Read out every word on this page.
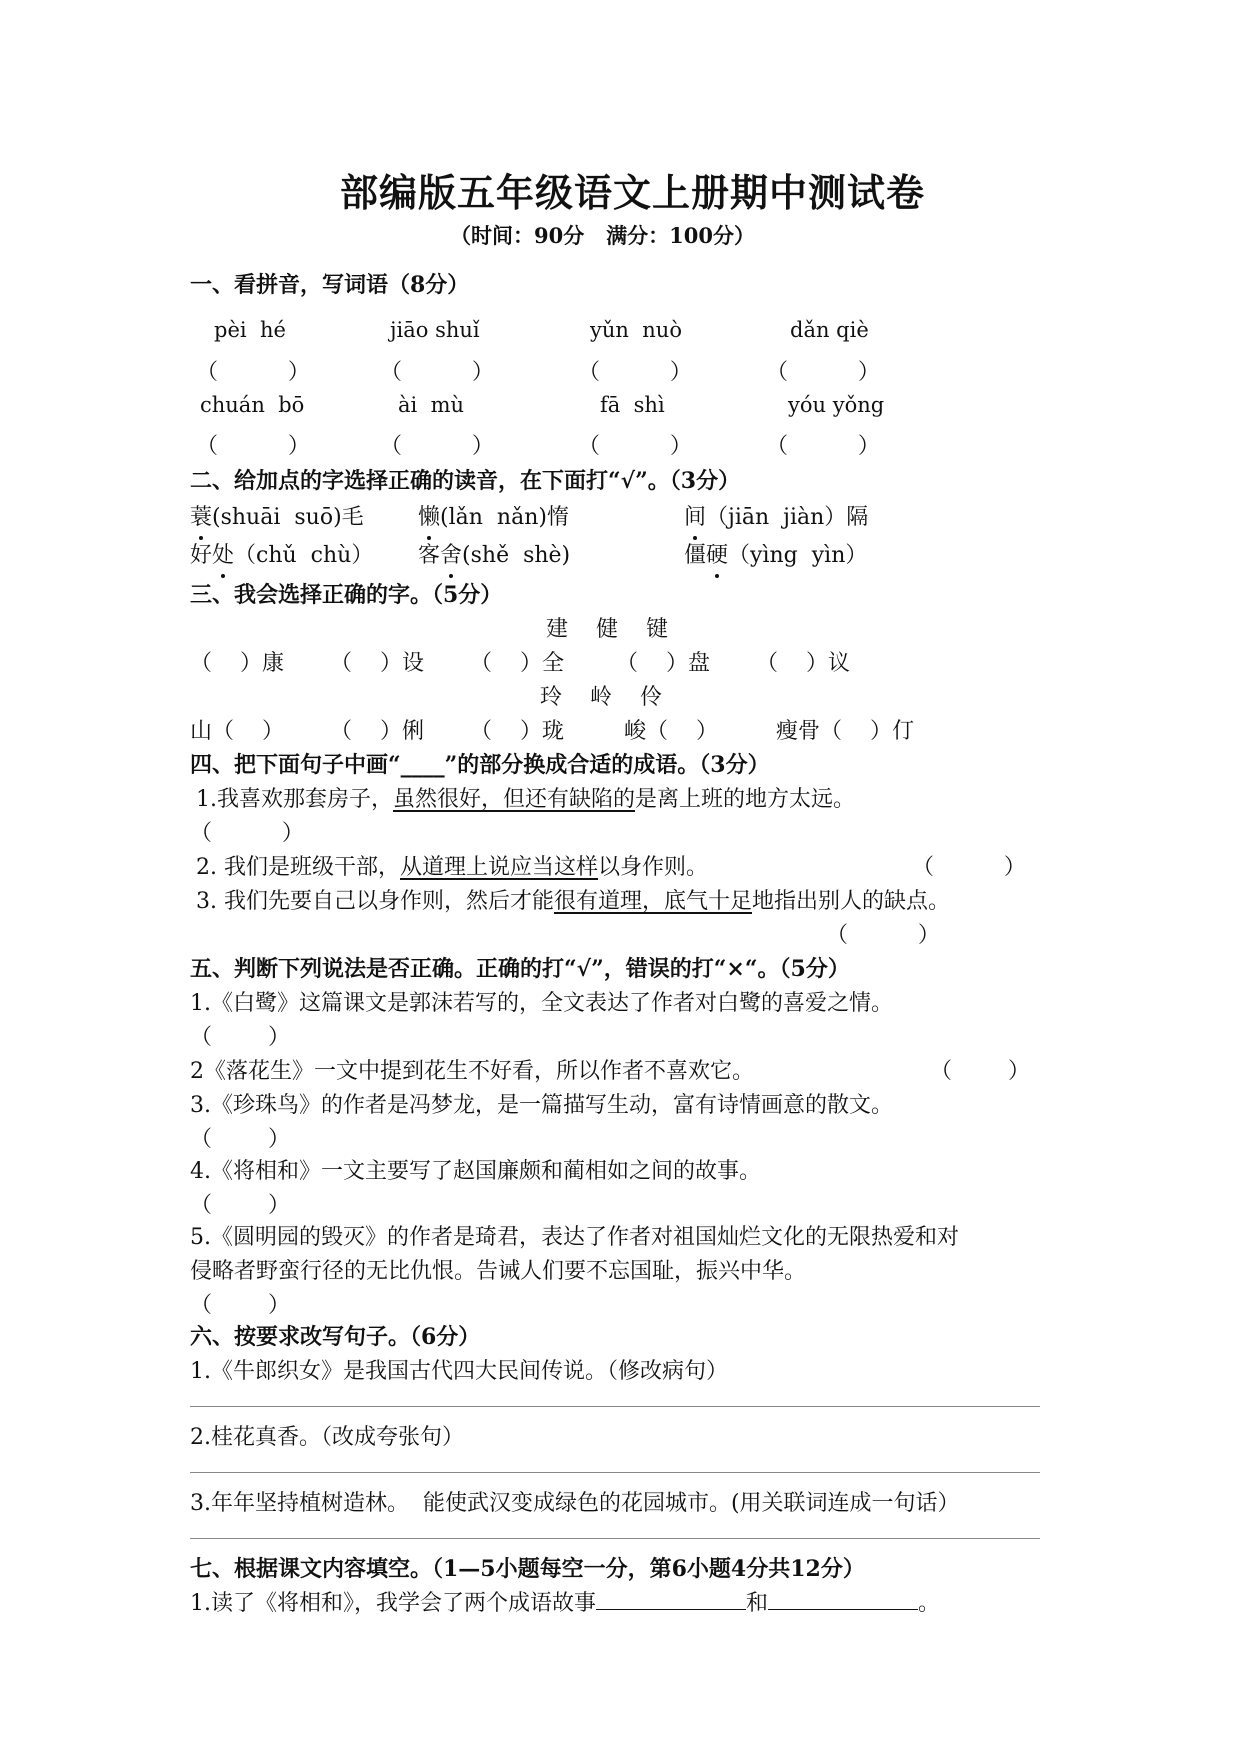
部编版五年级语文上册期中测试卷
（时间：90分   满分：100分）
一、看拼音，写词语（8分）
pèi  hé	jiāo shuǐ	yǔn  nuò	dǎn qiè
（          ）	（          ）	（          ）	（          ）
chuán  bō	ài  mù	fā  shì	yóu yǒng
（          ）	（          ）	（          ）	（          ）
二、给加点的字选择正确的读音，在下面打“√”。（3分）
蓑(shuāi  suō)毛 懒(lǎn  nǎn)惰	间（jiān  jiàn）隔
好处（chǔ  chù） 客舍(shě  shè)	僵硬（yìng  yìn）
三、我会选择正确的字。（5分）
建    健    键
（    ）康 （    ）设 （    ）全 （    ）盘 （    ）议
玲    岭    伶
山（    ） （    ）俐 （    ）珑	峻（    ）	瘦骨（    ）仃
四、把下面句子中画“____”的部分换成合适的成语。（3分）
1.我喜欢那套房子，虽然很好，但还有缺陷的是离上班的地方太远。
（          ）
2. 我们是班级干部，从道理上说应当这样以身作则。	（          ）
3. 我们先要自己以身作则，然后才能很有道理，底气十足地指出别人的缺点。
（          ）
五、判断下列说法是否正确。正确的打“√”，错误的打“×“。（5分）
1.《白鹭》这篇课文是郭沫若写的，全文表达了作者对白鹭的喜爱之情。
（        ）
2《落花生》一文中提到花生不好看，所以作者不喜欢它。	（        ）
3.《珍珠鸟》的作者是冯梦龙，是一篇描写生动，富有诗情画意的散文。
（        ）
4.《将相和》一文主要写了赵国廉颇和蔺相如之间的故事。
（        ）
5.《圆明园的毁灭》的作者是琦君，表达了作者对祖国灿烂文化的无限热爱和对
侵略者野蛮行径的无比仇恨。告诫人们要不忘国耻，振兴中华。
（        ）
六、按要求改写句子。（6分）
1.《牛郎织女》是我国古代四大民间传说。（修改病句）
2.桂花真香。（改成夸张句）
3.年年坚持植树造林。  能使武汉变成绿色的花园城市。(用关联词连成一句话）
七、根据课文内容填空。（1—5小题每空一分，第6小题4分共12分）
1.读了《将相和》，我学会了两个成语故事	和	。
